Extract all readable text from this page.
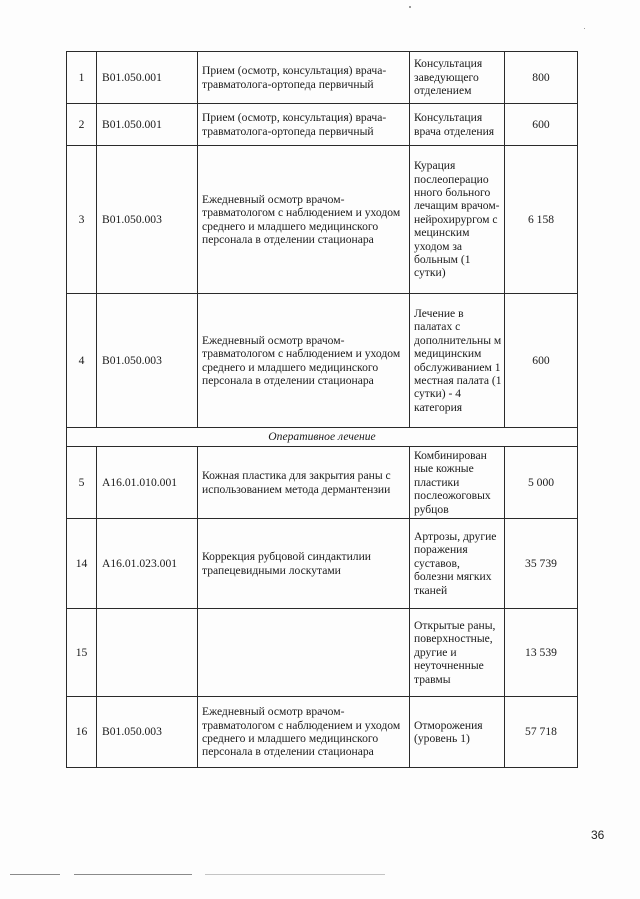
1	B01.050.001	Прием (осмотр, консультация) врача-травматолога-ортопеда первичный	Консультация заведующего отделением	800
2	B01.050.001	Прием (осмотр, консультация) врача-травматолога-ортопеда первичный	Консультация врача отделения	600
3	B01.050.003	Ежедневный осмотр врачом-травматологом с наблюдением и уходом среднего и младшего медицинского персонала в отделении стационара	Курация послеоперацио нного больного лечащим врачом-нейрохирургом с мецинским уходом за больным (1 сутки)	6 158
4	B01.050.003	Ежедневный осмотр врачом-травматологом с наблюдением и уходом среднего и младшего медицинского персонала в отделении стационара	Лечение в палатах с дополнительны м медицинским обслуживанием 1 местная палата (1 сутки) - 4 категория	600
Оперативное лечение				
5	A16.01.010.001	Кожная пластика для закрытия раны с использованием метода дермантензии	Комбинирован ные кожные пластики послеожоговых рубцов	5 000
14	A16.01.023.001	Коррекция рубцовой синдактилии трапецевидными лоскутами	Артрозы, другие поражения суставов, болезни мягких тканей	35 739
15			Открытые раны, поверхностные, другие и неуточненные травмы	13 539
16	B01.050.003	Ежедневный осмотр врачом-травматологом с наблюдением и уходом среднего и младшего медицинского персонала в отделении стационара	Отморожения (уровень 1)	57 718
36
